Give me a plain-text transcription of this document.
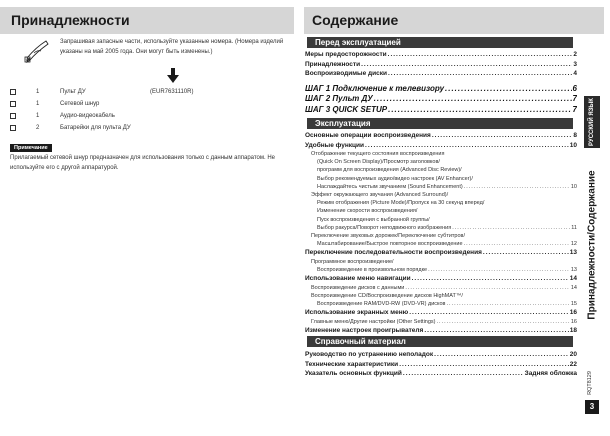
Принадлежности
Запрашивая запасные части, используйте указанные номера. (Номера изделий указаны на май 2005 года. Они могут быть изменены.)
1	Пульт ДУ	(EUR7631110R)
1	Сетевой шнур
1	Аудио-видеокабель
2	Батарейки для пульта ДУ
Примечание
Прилагаемый сетевой шнур предназначен для использования только с данным аппаратом. Не используйте его с другой аппаратурой.
Содержание
Перед эксплуатацией
Меры предосторожности .....	2
Принадлежности .....	3
Воспроизводимые диски .....	4
ШАГ 1 Подключение к телевизору .....	6
ШАГ 2 Пульт ДУ .....	7
ШАГ 3 QUICK SETUP .....	7
Эксплуатация
Основные операции воспроизведения .....	8
Удобные функции .....	10
Отображение текущего состояния воспроизведения
(Quick On Screen Display)/Просмотр заголовков/
программ для воспроизведения (Advanced Disc Review)/
Выбор рекомендуемых аудио/видео настроек (AV Enhancer)/
Наслаждайтесь чистым звучанием (Sound Enhancement) .....	10
Эффект окружающего звучания (Advanced Surround)/
Режим отображения (Picture Mode)/Пропуск на 30 секунд вперед/
Изменение скорости воспроизведения/
Пуск воспроизведения с выбранной группы/
Выбор ракурса/Поворот неподвижного изображения .....	11
Переключение звуковых дорожек/Переключение субтитров/
Масштабирование/Быстрое повторное воспроизведение .....	12
Переключение последовательности воспроизведения .....	13
Программное воспроизведение/
Воспроизведение в произвольном порядке .....	13
Использование меню навигации .....	14
Воспроизведение дисков с данными .....	14
Воспроизведение CD/Воспроизведение дисков HighMAT™/
Воспроизведение RAM/DVD-RW (DVD-VR) дисков .....	15
Использование экранных меню .....	16
Главные меню/Другие настройки (Other Settings) .....	16
Изменение настроек проигрывателя .....	18
Справочный материал
Руководство по устранению неполадок .....	20
Технические характеристики .....	22
Указатель основных функций .....	Задняя обложка
РУССКИЙ ЯЗЫК
Принадлежности/Содержание
RQT8129
3
